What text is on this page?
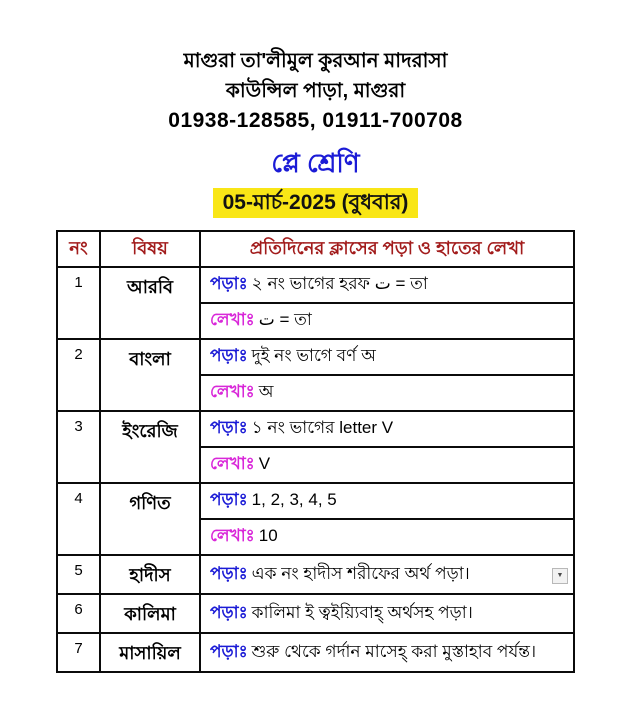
মাগুরা তা'লীমুল কুরআন মাদরাসা
কাউন্সিল পাড়া, মাগুরা
01938-128585, 01911-700708
প্লে শ্রেণি
05-মার্চ-2025 (বুধবার)
নং	বিষয়	প্রতিদিনের ক্লাসের পড়া ও হাতের লেখা
1	আরবি	পড়াঃ ২ নং ভাগের হরফ ت = তা
		লেখাঃ ت = তা
2	বাংলা	পড়াঃ দুই নং ভাগে বর্ণ অ
		লেখাঃ অ
3	ইংরেজি	পড়াঃ ১ নং ভাগের letter V
		লেখাঃ V
4	গণিত	পড়াঃ 1, 2, 3, 4, 5
		লেখাঃ 10
5	হাদীস	পড়াঃ এক নং হাদীস শরীফের অর্থ পড়া।
6	কালিমা	পড়াঃ কালিমা ই ত্বইয়্যিবাহ্ অর্থসহ পড়া।
7	মাসায়িল	পড়াঃ শুরু থেকে গর্দান মাসেহ্ করা মুস্তাহাব পর্যন্ত।
▼
